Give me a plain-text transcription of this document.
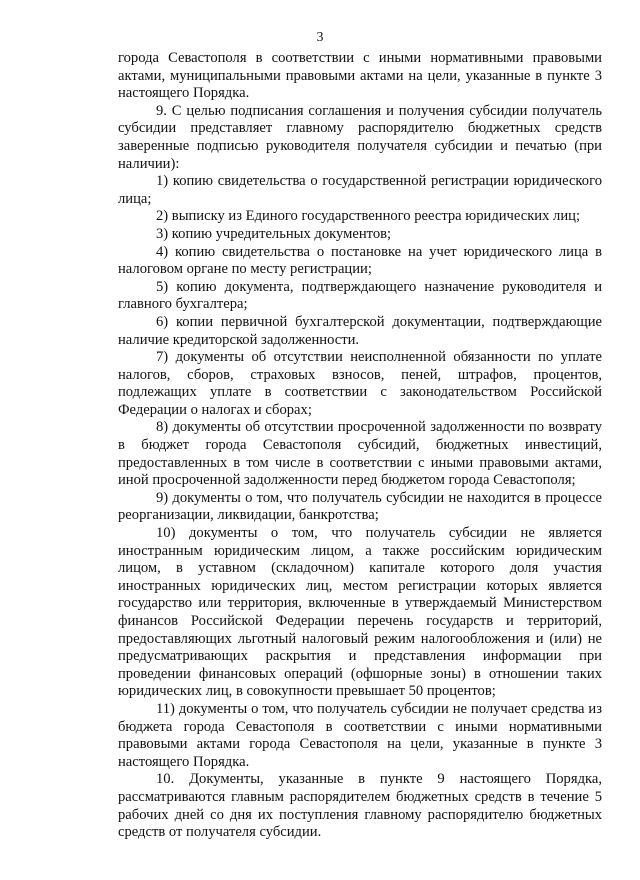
3

города Севастополя в соответствии с иными нормативными правовыми актами, муниципальными правовыми актами на цели, указанные в пункте 3 настоящего Порядка.

9. С целью подписания соглашения и получения субсидии получатель субсидии представляет главному распорядителю бюджетных средств заверенные подписью руководителя получателя субсидии и печатью (при наличии):

1) копию свидетельства о государственной регистрации юридического лица;

2) выписку из Единого государственного реестра юридических лиц;

3) копию учредительных документов;

4) копию свидетельства о постановке на учет юридического лица в налоговом органе по месту регистрации;

5) копию документа, подтверждающего назначение руководителя и главного бухгалтера;

6) копии первичной бухгалтерской документации, подтверждающие наличие кредиторской задолженности.

7) документы об отсутствии неисполненной обязанности по уплате налогов, сборов, страховых взносов, пеней, штрафов, процентов, подлежащих уплате в соответствии с законодательством Российской Федерации о налогах и сборах;

8) документы об отсутствии просроченной задолженности по возврату в бюджет города Севастополя субсидий, бюджетных инвестиций, предоставленных в том числе в соответствии с иными правовыми актами, иной просроченной задолженности перед бюджетом города Севастополя;

9) документы о том, что получатель субсидии не находится в процессе реорганизации, ликвидации, банкротства;

10) документы о том, что получатель субсидии не является иностранным юридическим лицом, а также российским юридическим лицом, в уставном (складочном) капитале которого доля участия иностранных юридических лиц, местом регистрации которых является государство или территория, включенные в утверждаемый Министерством финансов Российской Федерации перечень государств и территорий, предоставляющих льготный налоговый режим налогообложения и (или) не предусматривающих раскрытия и представления информации при проведении финансовых операций (офшорные зоны) в отношении таких юридических лиц, в совокупности превышает 50 процентов;

11) документы о том, что получатель субсидии не получает средства из бюджета города Севастополя в соответствии с иными нормативными правовыми актами города Севастополя на цели, указанные в пункте 3 настоящего Порядка.

10. Документы, указанные в пункте 9 настоящего Порядка, рассматриваются главным распорядителем бюджетных средств в течение 5 рабочих дней со дня их поступления главному распорядителю бюджетных средств от получателя субсидии.
